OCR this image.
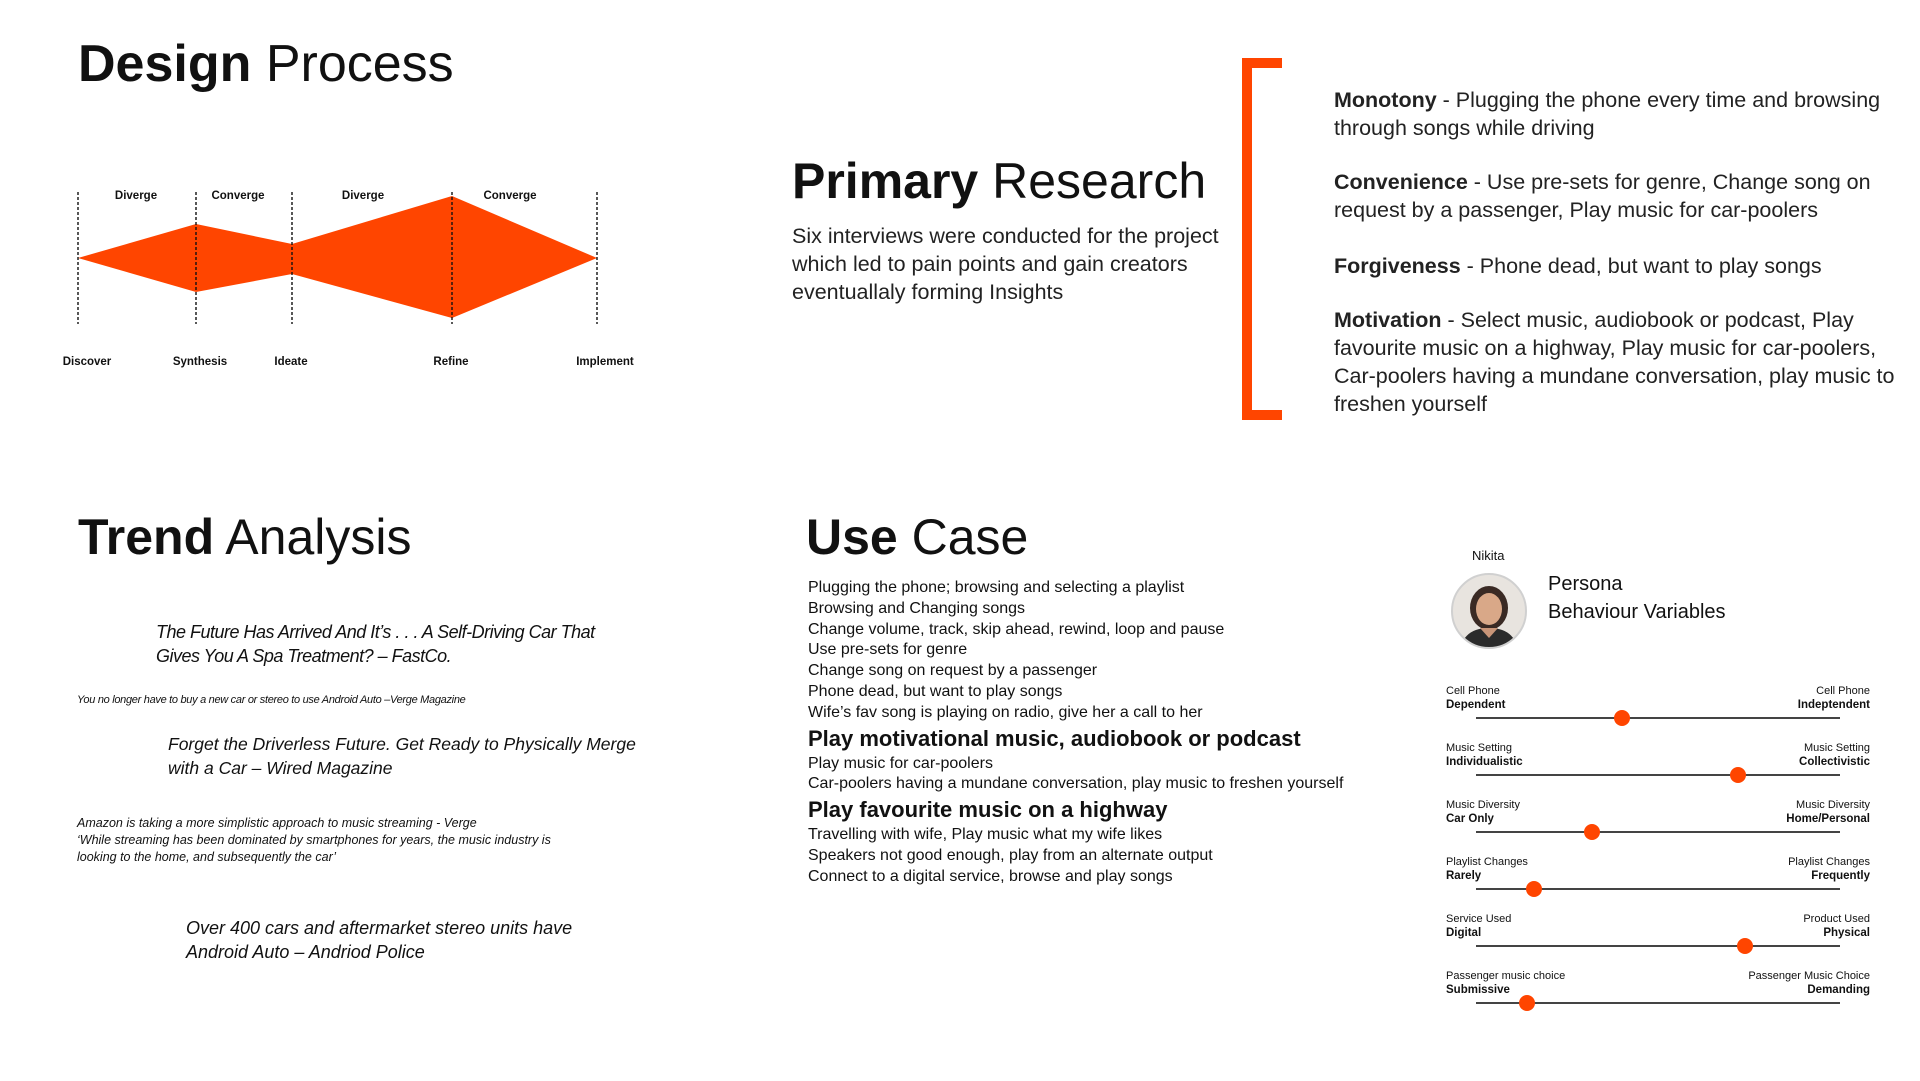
Design Process
Diverge	Converge	Diverge	Converge
Discover	Synthesis	Ideate	Refine	Implement
Primary Research
Six interviews were conducted for the project which led to pain points and gain creators eventuallaly forming Insights
Monotony - Plugging the phone every time and browsing through songs while driving
Convenience - Use pre-sets for genre, Change song on request by a passenger, Play music for car-poolers
Forgiveness - Phone dead, but want to play songs
Motivation - Select music, audiobook or podcast, Play favourite music on a highway, Play music for car-poolers, Car-poolers having a mundane conversation, play music to freshen yourself
Trend Analysis
The Future Has Arrived And It’s . . . A Self-Driving Car That Gives You A Spa Treatment? – FastCo.
You no longer have to buy a new car or stereo to use Android Auto –Verge Magazine
Forget the Driverless Future. Get Ready to Physically Merge with a Car – Wired Magazine
Amazon is taking a more simplistic approach to music streaming - Verge
‘While streaming has been dominated by smartphones for years, the music industry is looking to the home, and subsequently the car’
Over 400 cars and aftermarket stereo units have Android Auto – Andriod Police
Use Case
Plugging the phone; browsing and selecting a playlist
Browsing and Changing songs
Change volume, track, skip ahead, rewind, loop and pause
Use pre-sets for genre
Change song on request by a passenger
Phone dead, but want to play songs
Wife’s fav song is playing on radio, give her a call to her
Play motivational music, audiobook or podcast
Play music for car-poolers
Car-poolers having a mundane conversation, play music to freshen yourself
Play favourite music on a highway
Travelling with wife, Play music what my wife likes
Speakers not good enough, play from an alternate output
Connect to a digital service, browse and play songs
Nikita
Persona
Behaviour Variables
Cell Phone
Dependent
Cell Phone
Indeptendent
Music Setting
Individualistic
Music Setting
Collectivistic
Music Diversity
Car Only
Music Diversity
Home/Personal
Playlist Changes
Rarely
Playlist Changes
Frequently
Service Used
Digital
Product Used
Physical
Passenger music choice
Submissive
Passenger Music Choice
Demanding
